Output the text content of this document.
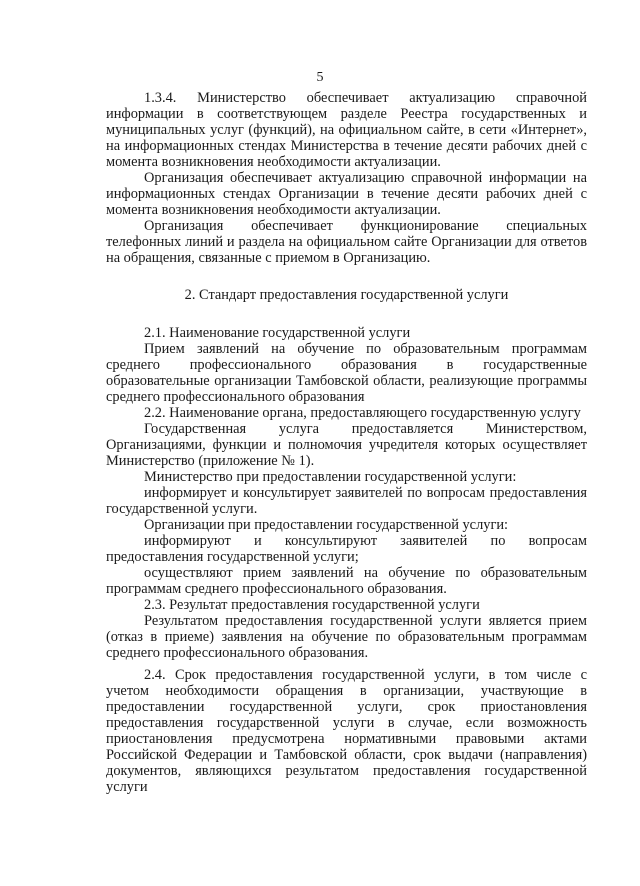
5

1.3.4. Министерство обеспечивает актуализацию справочной информации в соответствующем разделе Реестра государственных и муниципальных услуг (функций), на официальном сайте, в сети «Интернет», на информационных стендах Министерства в течение десяти рабочих дней с момента возникновения необходимости актуализации.

Организация обеспечивает актуализацию справочной информации на информационных стендах Организации в течение десяти рабочих дней с момента возникновения необходимости актуализации.

Организация обеспечивает функционирование специальных телефонных линий и раздела на официальном сайте Организации для ответов на обращения, связанные с приемом в Организацию.

2. Стандарт предоставления государственной услуги

2.1. Наименование государственной услуги

Прием заявлений на обучение по образовательным программам среднего профессионального образования в государственные образовательные организации Тамбовской области, реализующие программы среднего профессионального образования

2.2. Наименование органа, предоставляющего государственную услугу

Государственная услуга предоставляется Министерством, Организациями, функции и полномочия учредителя которых осуществляет Министерство (приложение № 1).

Министерство при предоставлении государственной услуги:

информирует и консультирует заявителей по вопросам предоставления государственной услуги.

Организации при предоставлении государственной услуги:

информируют и консультируют заявителей по вопросам предоставления государственной услуги;

осуществляют прием заявлений на обучение по образовательным программам среднего профессионального образования.

2.3. Результат предоставления государственной услуги

Результатом предоставления государственной услуги является прием (отказ в приеме) заявления на обучение по образовательным программам среднего профессионального образования.

2.4. Срок предоставления государственной услуги, в том числе с учетом необходимости обращения в организации, участвующие в предоставлении государственной услуги, срок приостановления предоставления государственной услуги в случае, если возможность приостановления предусмотрена нормативными правовыми актами Российской Федерации и Тамбовской области, срок выдачи (направления) документов, являющихся результатом предоставления государственной услуги
